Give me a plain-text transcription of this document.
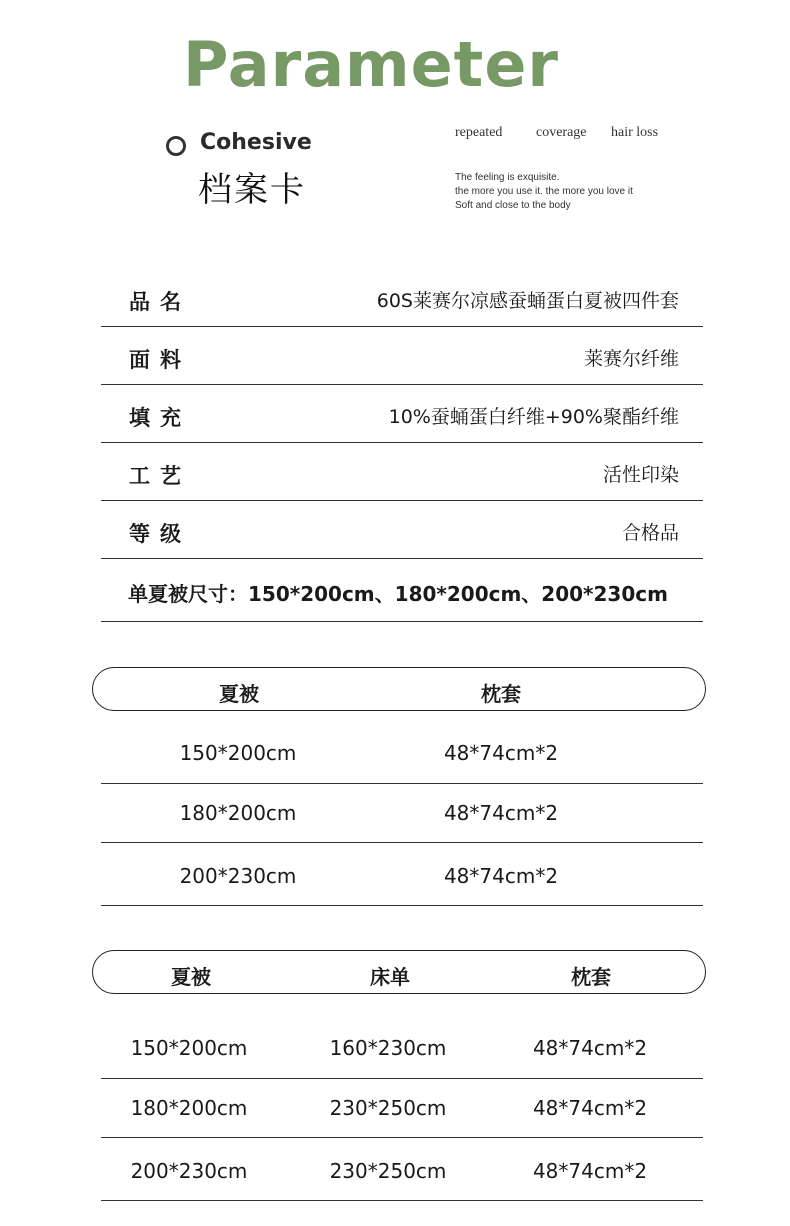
Parameter
Cohesive
档案卡
repeated coverage hair loss
The feeling is exquisite.
the more you use it. the more you love it
Soft and close to the body
品名	60S莱赛尔凉感蚕蛹蛋白夏被四件套
面料	莱赛尔纤维
填充	10%蚕蛹蛋白纤维+90%聚酯纤维
工艺	活性印染
等级	合格品
单夏被尺寸：150*200cm、180*200cm、200*230cm
夏被	枕套
150*200cm	48*74cm*2
180*200cm	48*74cm*2
200*230cm	48*74cm*2
夏被	床单	枕套
150*200cm	160*230cm	48*74cm*2
180*200cm	230*250cm	48*74cm*2
200*230cm	230*250cm	48*74cm*2
